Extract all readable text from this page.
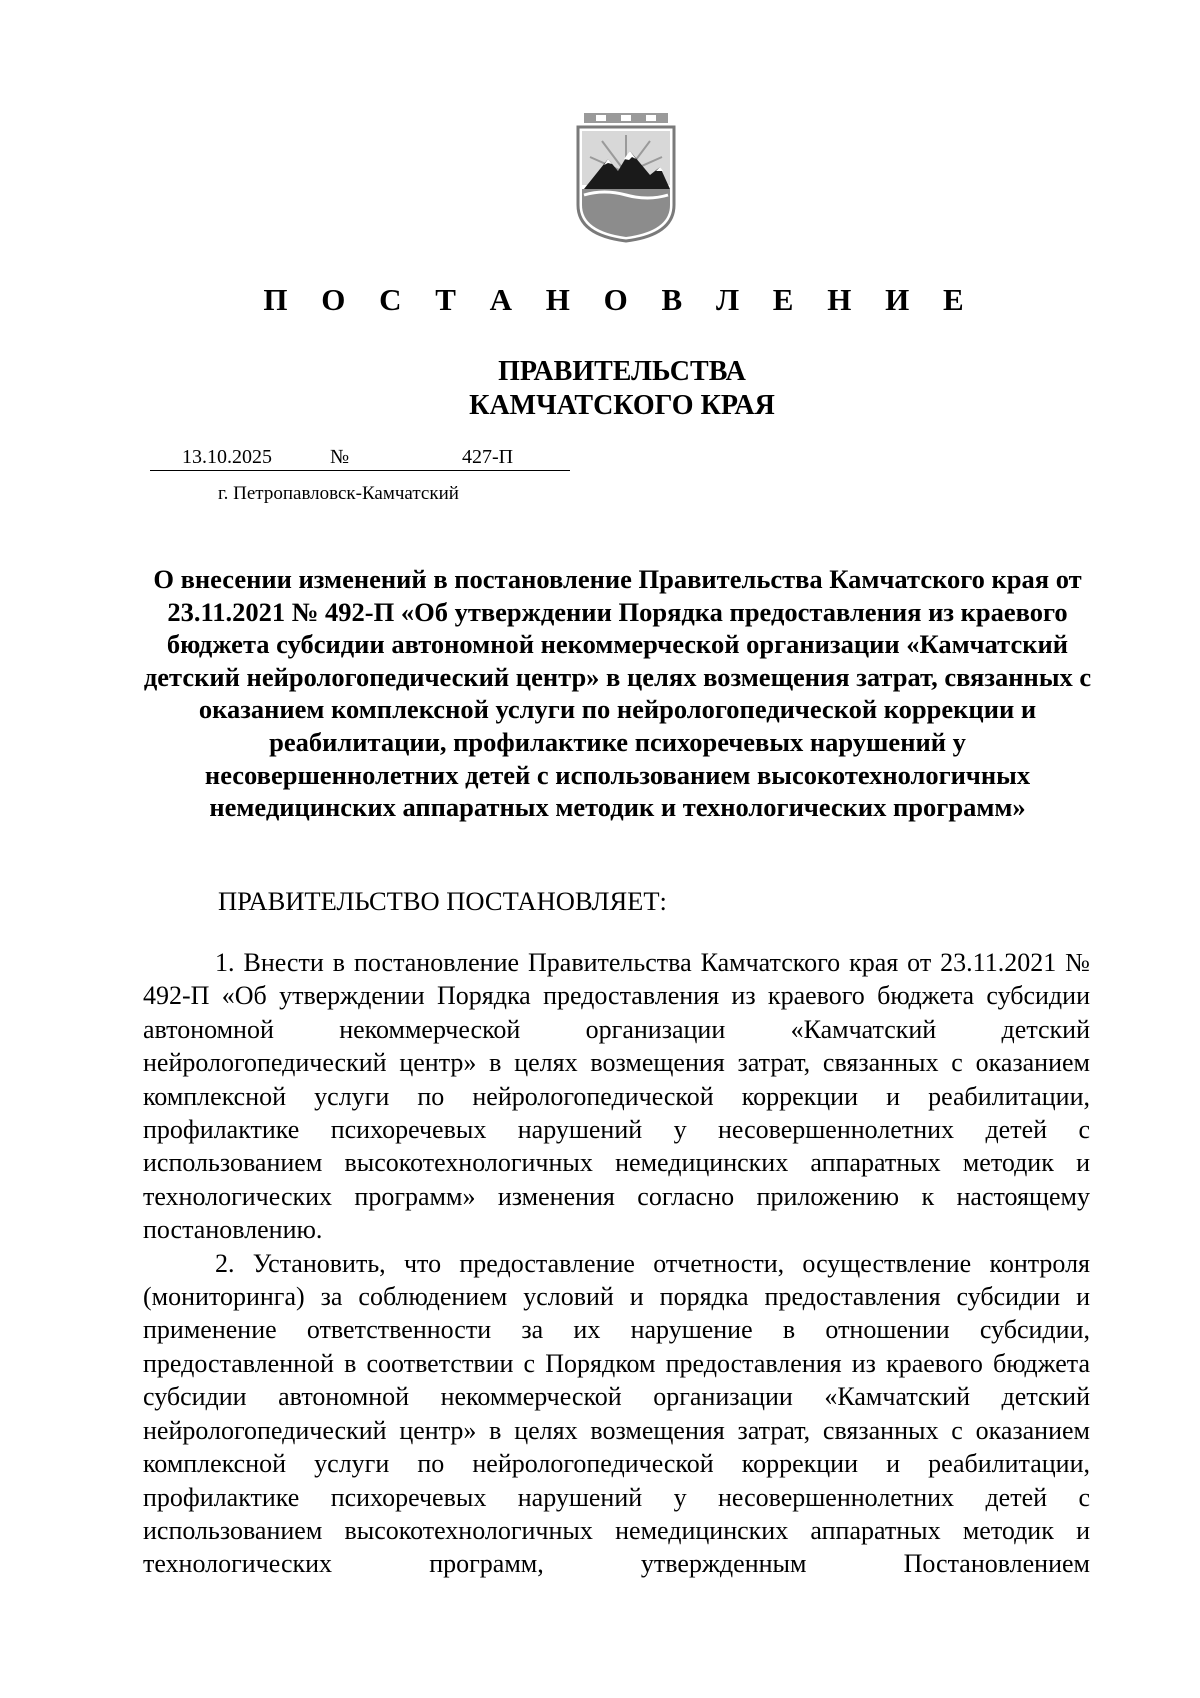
П О С Т А Н О В Л Е Н И Е
ПРАВИТЕЛЬСТВА
КАМЧАТСКОГО КРАЯ
13.10.2025	№	427-П
г. Петропавловск-Камчатский
О внесении изменений в постановление Правительства Камчатского края от 23.11.2021 № 492-П «Об утверждении Порядка предоставления из краевого бюджета субсидии автономной некоммерческой организации «Камчатский детский нейрологопедический центр» в целях возмещения затрат, связанных с оказанием комплексной услуги по нейрологопедической коррекции и реабилитации, профилактике психоречевых нарушений у несовершеннолетних детей с использованием высокотехнологичных немедицинских аппаратных методик и технологических программ»
ПРАВИТЕЛЬСТВО ПОСТАНОВЛЯЕТ:

1. Внести в постановление Правительства Камчатского края от 23.11.2021 № 492-П «Об утверждении Порядка предоставления из краевого бюджета субсидии автономной некоммерческой организации «Камчатский детский нейрологопедический центр» в целях возмещения затрат, связанных с оказанием комплексной услуги по нейрологопедической коррекции и реабилитации, профилактике психоречевых нарушений у несовершеннолетних детей с использованием высокотехнологичных немедицинских аппаратных методик и технологических программ» изменения согласно приложению к настоящему постановлению.

2. Установить, что предоставление отчетности, осуществление контроля (мониторинга) за соблюдением условий и порядка предоставления субсидии и применение ответственности за их нарушение в отношении субсидии, предоставленной в соответствии с Порядком предоставления из краевого бюджета субсидии автономной некоммерческой организации «Камчатский детский нейрологопедический центр» в целях возмещения затрат, связанных с оказанием комплексной услуги по нейрологопедической коррекции и реабилитации, профилактике психоречевых нарушений у несовершеннолетних детей с использованием высокотехнологичных немедицинских аппаратных методик и технологических программ, утвержденным Постановлением
